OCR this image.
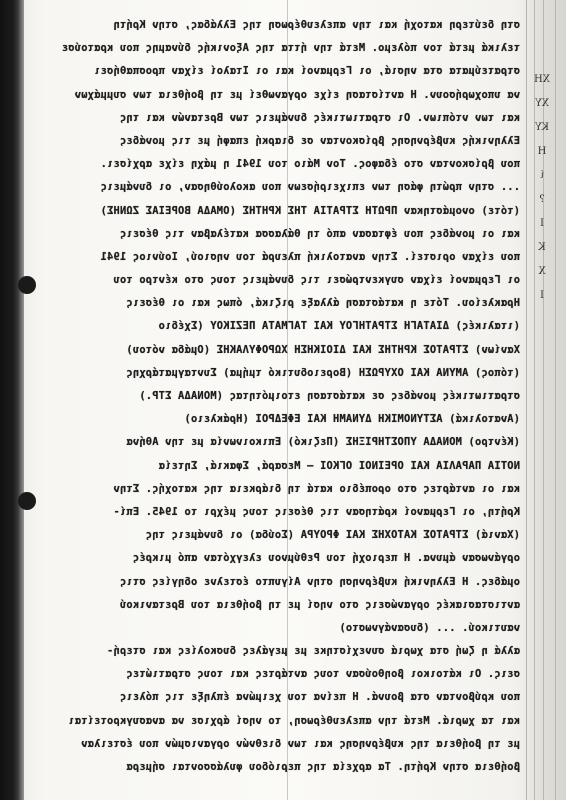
ΧΗ
ΧΥ
ΚΥ
Η
ί
?
Ι
Κ
Χ
Ι
στη δεύτερη κατοχή και την απελευθέρωση της Ελλάδας, στην Κρήτη
τελικά μετά τον πόλεμο. Μετά την ήττα της Αξονικής δύναμης που κρατούσε
στρατεύματα στα νησιά, οι Γερμανοί και οι Ιταλοί είχαν προσπαθήσει
να υποχωρήσουν. Η αντίσταση είχε οργανωθεί με τη βοήθεια των συμμάχων
και των ντόπιων. Οι στρατιωτικές δυνάμεις των Βρετανών και της
Ελληνικής κυβέρνησης βρίσκονταν σε διαρκή επαφή με τις μονάδες
που βρίσκονταν στο έδαφος. Τον Μάιο του 1941 η μάχη είχε αρχίσει.
... στην πρώτη φάση των επιχειρήσεων που ακολούθησαν, οι δυνάμεις
(τότε) ονομάστηκαν ΠΡΩΤΗ ΣΤΡΑΤΙΑ ΤΗΣ ΚΡΗΤΗΣ (ΟΜΑΔΑ ΒΟΡΕΙΑΣ ΖΩΝΗΣ)
και οι μονάδες που έφτασαν από τη θάλασσα κατέλαβαν τις θέσεις
που είχαν οριστεί. Στην ανατολική πλευρά του νησιού, Ιούνιος 1941
οι Γερμανοί είχαν συγκεντρώσει τις δυνάμεις τους στο κέντρο του
Ηρακλείου. Τότε η κατάσταση άλλαξε ριζικά, όπως και οι θέσεις
(ιταλικές) ΔΙΑΤΑΓΗ ΣΤΡΑΤΗΓΟΥ ΚΑΙ ΤΑΓΜΑΤΑ ΠΕΖΙΚΟΥ (Σχέδιο
Χανίων) ΣΤΡΑΤΟΣ ΚΡΗΤΗΣ ΚΑΙ ΔΙΟΙΚΗΣΗ ΧΩΡΟΦΥΛΑΚΗΣ (Ομάδα νότου)
(τόπος) ΑΜΥΝΑ ΚΑΙ ΟΧΥΡΩΣΗ (Βορειοδυτικό τμήμα) Συνταγματάρχης
στρατιωτικές μονάδες σε κατάσταση ετοιμότητας (ΜΟΝΑΔΑ ΣΤΡ.)
(Ανατολικά) ΑΣΤΥΝΟΜΙΚΗ ΔΥΝΑΜΗ ΚΑΙ ΕΦΕΔΡΟΙ (Ηράκλειο)
(Κέντρο) ΜΟΝΑΔΑ ΥΠΟΣΤΗΡΙΞΗΣ (Πεζικό) Επικοινωνία με την Αθήνα
ΝΟΤΙΑ ΠΑΡΑΛΙΑ ΚΑΙ ΟΡΕΙΝΟΙ ΟΓΚΟΙ — Μεσαρά, Σφακιά, Σητεία
και οι αντάρτες στο οροπέδιο κατά τη διάρκεια της κατοχής. Στην
Κρήτη, οι Γερμανοί κράτησαν τις θέσεις τους μέχρι το 1945. Επί-
(Χανιά) ΣΤΡΑΤΟΣ ΚΑΤΟΧΗΣ ΚΑΙ ΦΡΟΥΡΑ (Σούδα) οι δυνάμεις της
οργάνωσαν άμυνα. Η περιοχή του Ρεθύμνου ελεγχόταν από μικρές
ομάδες. Η Ελληνική κυβέρνηση στην Αίγυπτο έστελνε οδηγίες στις
αντιστασιακές οργανώσεις στο νησί με τη βοήθεια του Βρετανικού
ναυτικού. ... (δυσανάγνωστο)
αλλά η ζωή στα χωριά συνεχίστηκε με μεγάλες δυσκολίες και στερή-
σεις. Οι κάτοικοι βοηθούσαν τους αντάρτες και τους στρατιώτες
που κρύβονταν στα βουνά. Η πείνα του χειμώνα έπληξε τις πόλεις
και τα χωριά. Μετά την απελευθέρωση, το νησί άρχισε να ανασυγκροτείται
με τη βοήθεια της κυβέρνησης και των διεθνών οργανισμών που έστειλαν
βοήθεια στην Κρήτη. Τα αρχεία της περιόδου φυλάσσονται σήμερα
